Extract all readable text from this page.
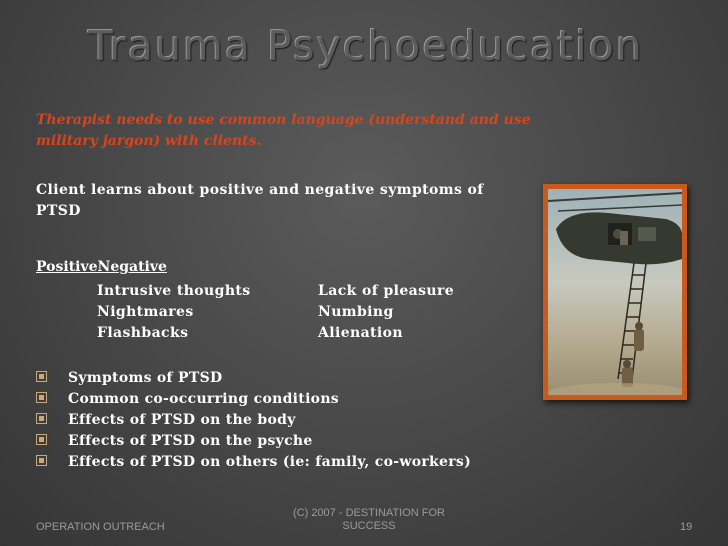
Trauma Psychoeducation
Therapist needs to use common language (understand and use military jargon) with clients.
Client learns about positive and negative symptoms of PTSD
PositiveNegative
Intrusive thoughts
Nightmares
Flashbacks
Lack of pleasure
Numbing
Alienation
Symptoms of PTSD
Common co-occurring conditions
Effects of PTSD on the body
Effects of PTSD on the psyche
Effects of PTSD on others (ie: family, co-workers)
OPERATION OUTREACH
(C) 2007 - DESTINATION FOR SUCCESS	19
